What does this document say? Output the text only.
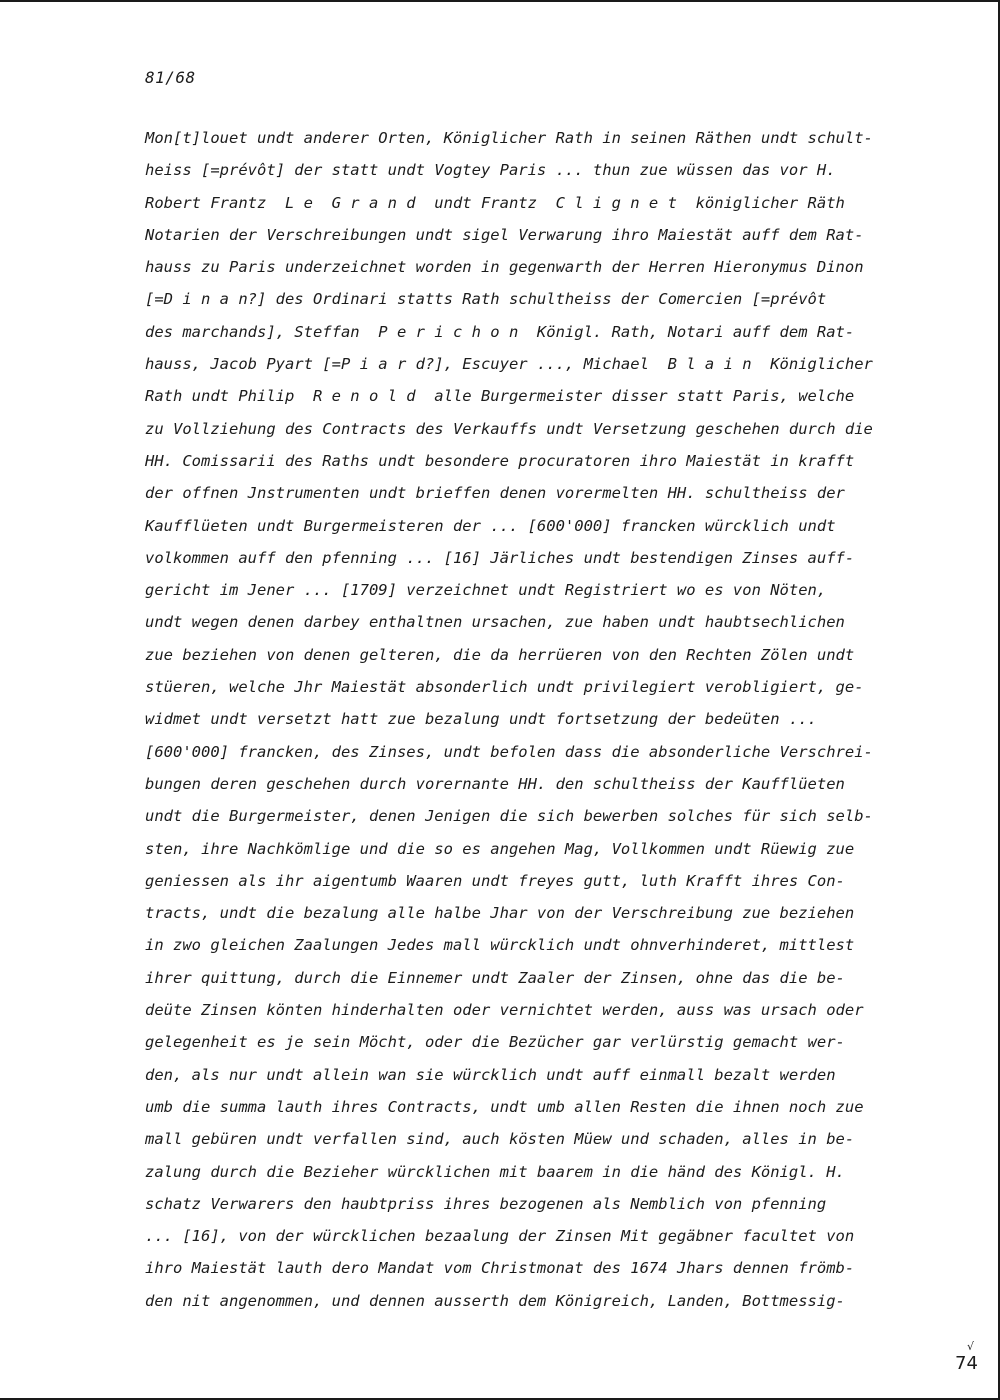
81/68
Mon[t]louet undt anderer Orten, Königlicher Rath in seinen Räthen undt schult-
heiss [=prévôt] der statt undt Vogtey Paris ... thun zue wüssen das vor H.
Robert Frantz  L e  G r a n d  undt Frantz  C l i g n e t  königlicher Räth
Notarien der Verschreibungen undt sigel Verwarung ihro Maiestät auff dem Rat-
hauss zu Paris underzeichnet worden in gegenwarth der Herren Hieronymus Dinon
[=D i n a n?] des Ordinari statts Rath schultheiss der Comercien [=prévôt
des marchands], Steffan  P e r i c h o n  Königl. Rath, Notari auff dem Rat-
hauss, Jacob Pyart [=P i a r d?], Escuyer ..., Michael  B l a i n  Königlicher
Rath undt Philip  R e n o l d  alle Burgermeister disser statt Paris, welche
zu Vollziehung des Contracts des Verkauffs undt Versetzung geschehen durch die
HH. Comissarii des Raths undt besondere procuratoren ihro Maiestät in krafft
der offnen Jnstrumenten undt brieffen denen vorermelten HH. schultheiss der
Kaufflüeten undt Burgermeisteren der ... [600'000] francken würcklich undt
volkommen auff den pfenning ... [16] Järliches undt bestendigen Zinses auff-
gericht im Jener ... [1709] verzeichnet undt Registriert wo es von Nöten,
undt wegen denen darbey enthaltnen ursachen, zue haben undt haubtsechlichen
zue beziehen von denen gelteren, die da herrüeren von den Rechten Zölen undt
stüeren, welche Jhr Maiestät absonderlich undt privilegiert verobligiert, ge-
widmet undt versetzt hatt zue bezalung undt fortsetzung der bedeüten ...
[600'000] francken, des Zinses, undt befolen dass die absonderliche Verschrei-
bungen deren geschehen durch vorernante HH. den schultheiss der Kaufflüeten
undt die Burgermeister, denen Jenigen die sich bewerben solches für sich selb-
sten, ihre Nachkömlige und die so es angehen Mag, Vollkommen undt Rüewig zue
geniessen als ihr aigentumb Waaren undt freyes gutt, luth Krafft ihres Con-
tracts, undt die bezalung alle halbe Jhar von der Verschreibung zue beziehen
in zwo gleichen Zaalungen Jedes mall würcklich undt ohnverhinderet, mittlest
ihrer quittung, durch die Einnemer undt Zaaler der Zinsen, ohne das die be-
deüte Zinsen könten hinderhalten oder vernichtet werden, auss was ursach oder
gelegenheit es je sein Möcht, oder die Bezücher gar verlürstig gemacht wer-
den, als nur undt allein wan sie würcklich undt auff einmall bezalt werden
umb die summa lauth ihres Contracts, undt umb allen Resten die ihnen noch zue
mall gebüren undt verfallen sind, auch kösten Müew und schaden, alles in be-
zalung durch die Bezieher würcklichen mit baarem in die händ des Königl. H.
schatz Verwarers den haubtpriss ihres bezogenen als Nemblich von pfenning
... [16], von der würcklichen bezaalung der Zinsen Mit gegäbner facultet von
ihro Maiestät lauth dero Mandat vom Christmonat des 1674 Jhars dennen frömb-
den nit angenommen, und dennen ausserth dem Königreich, Landen, Bottmessig-
√
74
